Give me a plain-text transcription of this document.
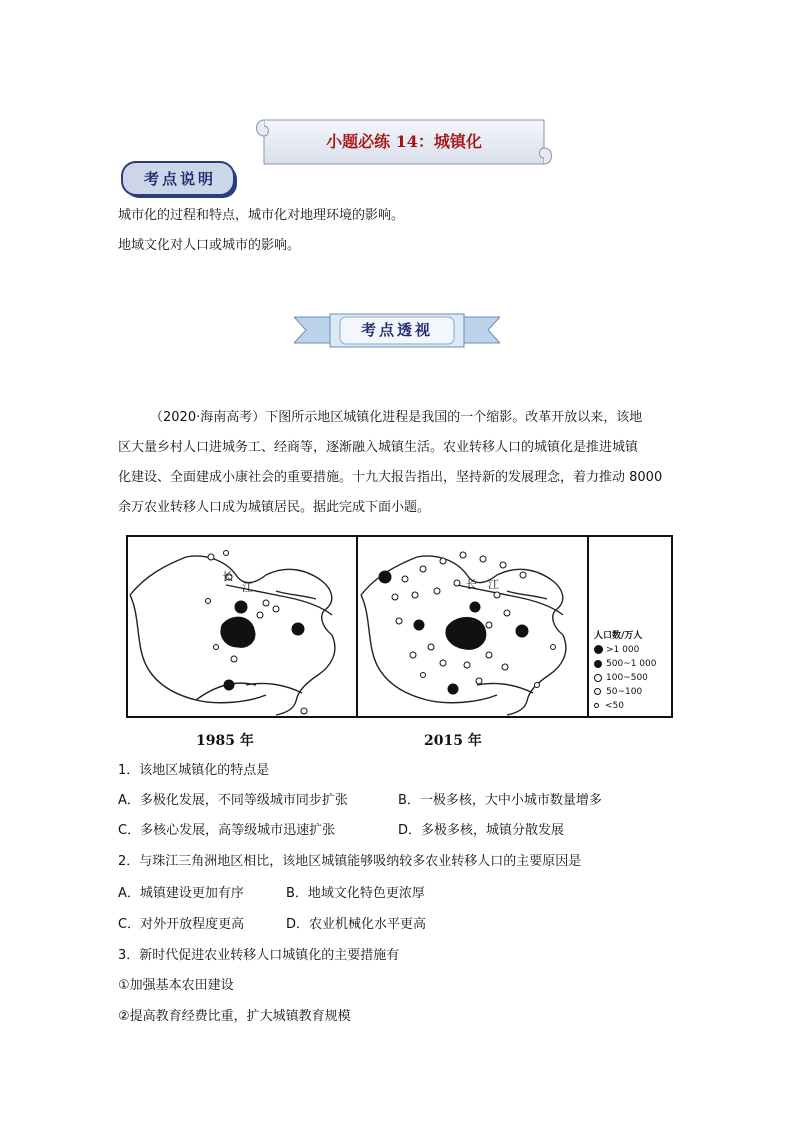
小题必练 14：城镇化
考点说明
城市化的过程和特点，城市化对地理环境的影响。
地域文化对人口或城市的影响。
考点透视
（2020·海南高考）下图所示地区城镇化进程是我国的一个缩影。改革开放以来，该地
区大量乡村人口进城务工、经商等，逐渐融入城镇生活。农业转移人口的城镇化是推进城镇
化建设、全面建成小康社会的重要措施。十九大报告指出，坚持新的发展理念，着力推动 8000
余万农业转移人口成为城镇居民。据此完成下面小题。
长
江	长 江
人口数/万人
>1 000
500~1 000
100~500
50~100
<50
1985 年	2015 年
1．该地区城镇化的特点是
A．多极化发展，不同等级城市同步扩张	B．一极多核，大中小城市数量增多
C．多核心发展，高等级城市迅速扩张	D．多极多核，城镇分散发展
2．与珠江三角洲地区相比，该地区城镇能够吸纳较多农业转移人口的主要原因是
A．城镇建设更加有序	B．地域文化特色更浓厚
C．对外开放程度更高	D．农业机械化水平更高
3．新时代促进农业转移人口城镇化的主要措施有
①加强基本农田建设
②提高教育经费比重，扩大城镇教育规模
